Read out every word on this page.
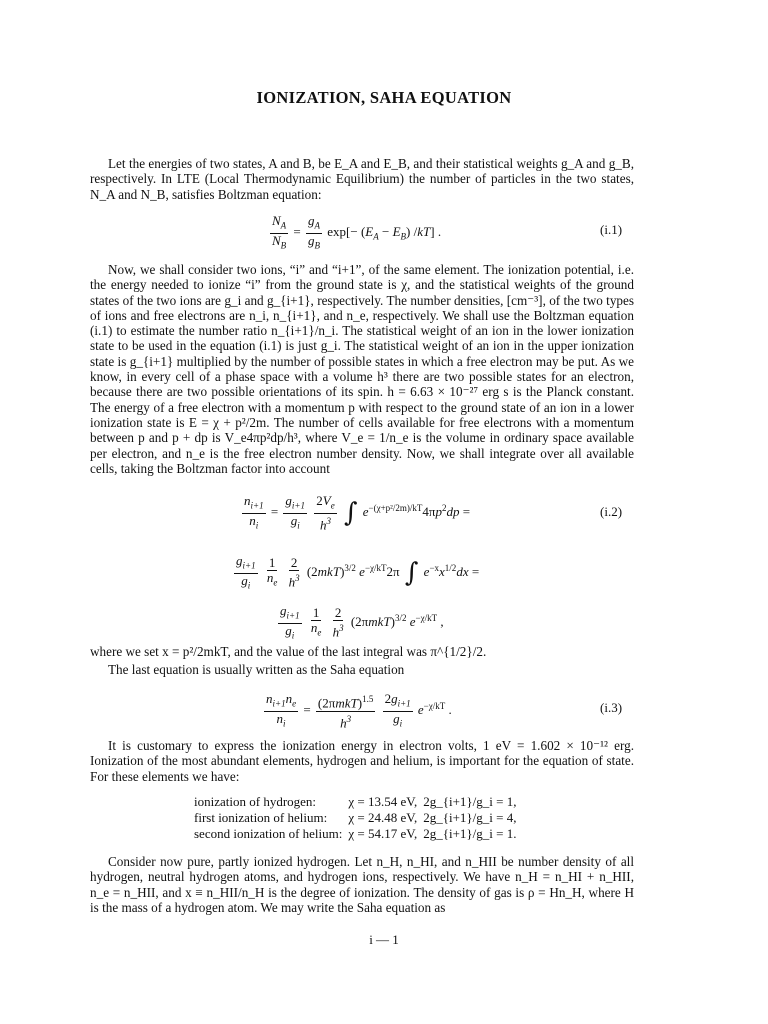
IONIZATION, SAHA EQUATION
Let the energies of two states, A and B, be E_A and E_B, and their statistical weights g_A and g_B, respectively. In LTE (Local Thermodynamic Equilibrium) the number of particles in the two states, N_A and N_B, satisfies Boltzman equation:
$\frac{N_A}{N_B} = \frac{g_A}{g_B} \exp[- (E_A - E_B)$ /kT] .	(i.1)
Now, we shall consider two ions, “i” and “i+1”, of the same element. The ionization potential, i.e. the energy needed to ionize “i” from the ground state is χ, and the statistical weights of the ground states of the two ions are g_i and g_{i+1}, respectively. The number densities, [cm⁻³], of the two types of ions and free electrons are n_i, n_{i+1}, and n_e, respectively. We shall use the Boltzman equation (i.1) to estimate the number ratio n_{i+1}/n_i. The statistical weight of an ion in the lower ionization state to be used in the equation (i.1) is just g_i. The statistical weight of an ion in the upper ionization state is g_{i+1} multiplied by the number of possible states in which a free electron may be put. As we know, in every cell of a phase space with a volume h³ there are two possible states for an electron, because there are two possible orientations of its spin. h = 6.63 × 10⁻²⁷ erg s is the Planck constant. The energy of a free electron with a momentum p with respect to the ground state of an ion in a lower ionization state is E = χ + p²/2m. The number of cells available for free electrons with a momentum between p and p + dp is V_e4πp²dp/h³, where V_e = 1/n_e is the volume in ordinary space available per electron, and n_e is the free electron number density. Now, we shall integrate over all available cells, taking the Boltzman factor into account
$\frac{n_{i+1}}{n_i} = \frac{g_{i+1}}{g_i}$
$\frac{2V_e}{h^3}$ ∫ $e^{-(\chi+p^2/2m)/kT}4\pi p^2dp$ =	(i.2)
$\frac{g_{i+1}}{g_i}$
$\frac{1}{n_e}$
$\frac{2}{h^3} (2mkT)^{3/2}$ $e^{-\chi/kT}2\pi$ ∫ $e^{-x}x^{1/2}dx$ =
$\frac{g_{i+1}}{g_i}$
$\frac{1}{n_e}$
$\frac{2}{h^3} (2\pi mkT)^{3/2}$ $e^{-\chi/kT}$ ,
where we set x = p²/2mkT, and the value of the last integral was π^{1/2}/2.
The last equation is usually written as the Saha equation
$\frac{n_{i+1}n_e}{n_i} = \frac{(2\pi mkT)^{1.5}}{h^3}$
$\frac{2g_{i+1}}{g_i} e^{-\chi/kT}$ .	(i.3)
It is customary to express the ionization energy in electron volts, 1 eV = 1.602 × 10⁻¹² erg. Ionization of the most abundant elements, hydrogen and helium, is important for the equation of state. For these elements we have:
ionization of hydrogen:	χ = 13.54 eV,	2g_{i+1}/g_i = 1,
first ionization of helium:	χ = 24.48 eV,	2g_{i+1}/g_i = 4,
second ionization of helium:	χ = 54.17 eV,	2g_{i+1}/g_i = 1.
Consider now pure, partly ionized hydrogen. Let n_H, n_HI, and n_HII be number density of all hydrogen, neutral hydrogen atoms, and hydrogen ions, respectively. We have n_H = n_HI + n_HII, n_e = n_HII, and x ≡ n_HII/n_H is the degree of ionization. The density of gas is ρ = Hn_H, where H is the mass of a hydrogen atom. We may write the Saha equation as
i — 1
